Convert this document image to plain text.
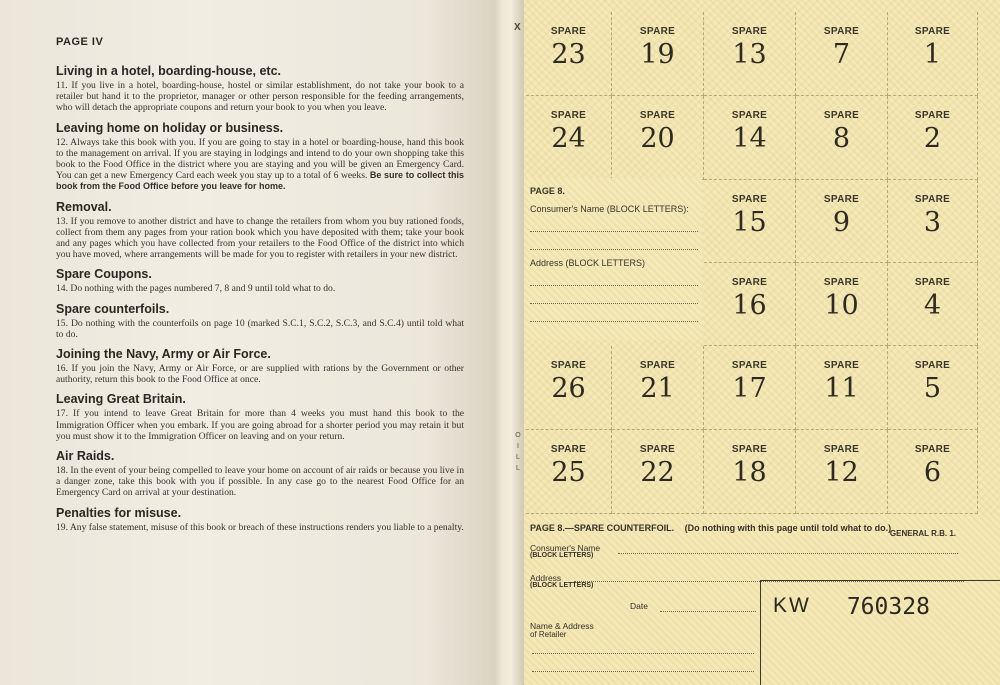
PAGE IV
Living in a hotel, boarding-house, etc.
11. If you live in a hotel, boarding-house, hostel or similar establishment, do not take your book to a retailer but hand it to the proprietor, manager or other person responsible for the feeding arrangements, who will detach the appropriate coupons and return your book to you when you leave.
Leaving home on holiday or business.
12. Always take this book with you. If you are going to stay in a hotel or boarding-house, hand this book to the management on arrival. If you are staying in lodgings and intend to do your own shopping take this book to the Food Office in the district where you are staying and you will be given an Emergency Card. You can get a new Emergency Card each week you stay up to a total of 6 weeks. Be sure to collect this book from the Food Office before you leave for home.
Removal.
13. If you remove to another district and have to change the retailers from whom you buy rationed foods, collect from them any pages from your ration book which you have deposited with them; take your book and any pages which you have collected from your retailers to the Food Office of the district into which you have moved, where arrangements will be made for you to register with retailers in your new district.
Spare Coupons.
14. Do nothing with the pages numbered 7, 8 and 9 until told what to do.
Spare counterfoils.
15. Do nothing with the counterfoils on page 10 (marked S.C.1, S.C.2, S.C.3, and S.C.4) until told what to do.
Joining the Navy, Army or Air Force.
16. If you join the Navy, Army or Air Force, or are supplied with rations by the Government or other authority, return this book to the Food Office at once.
Leaving Great Britain.
17. If you intend to leave Great Britain for more than 4 weeks you must hand this book to the Immigration Officer when you embark. If you are going abroad for a shorter period you may retain it but you must show it to the Immigration Officer on leaving and on your return.
Air Raids.
18. In the event of your being compelled to leave your home on account of air raids or because you live in a danger zone, take this book with you if possible. In any case go to the nearest Food Office for an Emergency Card on arrival at your destination.
Penalties for misuse.
19. Any false statement, misuse of this book or breach of these instructions renders you liable to a penalty.
X
O
I
L
L
SPARE
23
SPARE
19
SPARE
13
SPARE
7
SPARE
1
SPARE
24
SPARE
20
SPARE
14
SPARE
8
SPARE
2
SPARE
15
SPARE
9
SPARE
3
SPARE
16
SPARE
10
SPARE
4
SPARE
26
SPARE
21
SPARE
17
SPARE
11
SPARE
5
SPARE
25
SPARE
22
SPARE
18
SPARE
12
SPARE
6
PAGE 8.
Consumer's Name (BLOCK LETTERS):
Address (BLOCK LETTERS)
PAGE 8.—SPARE COUNTERFOIL. (Do nothing with this page until told what to do.)
GENERAL R.B. 1.
Consumer's Name
(BLOCK LETTERS)
Address
(BLOCK LETTERS)
Date
Name & Address
of Retailer
KW 760328
